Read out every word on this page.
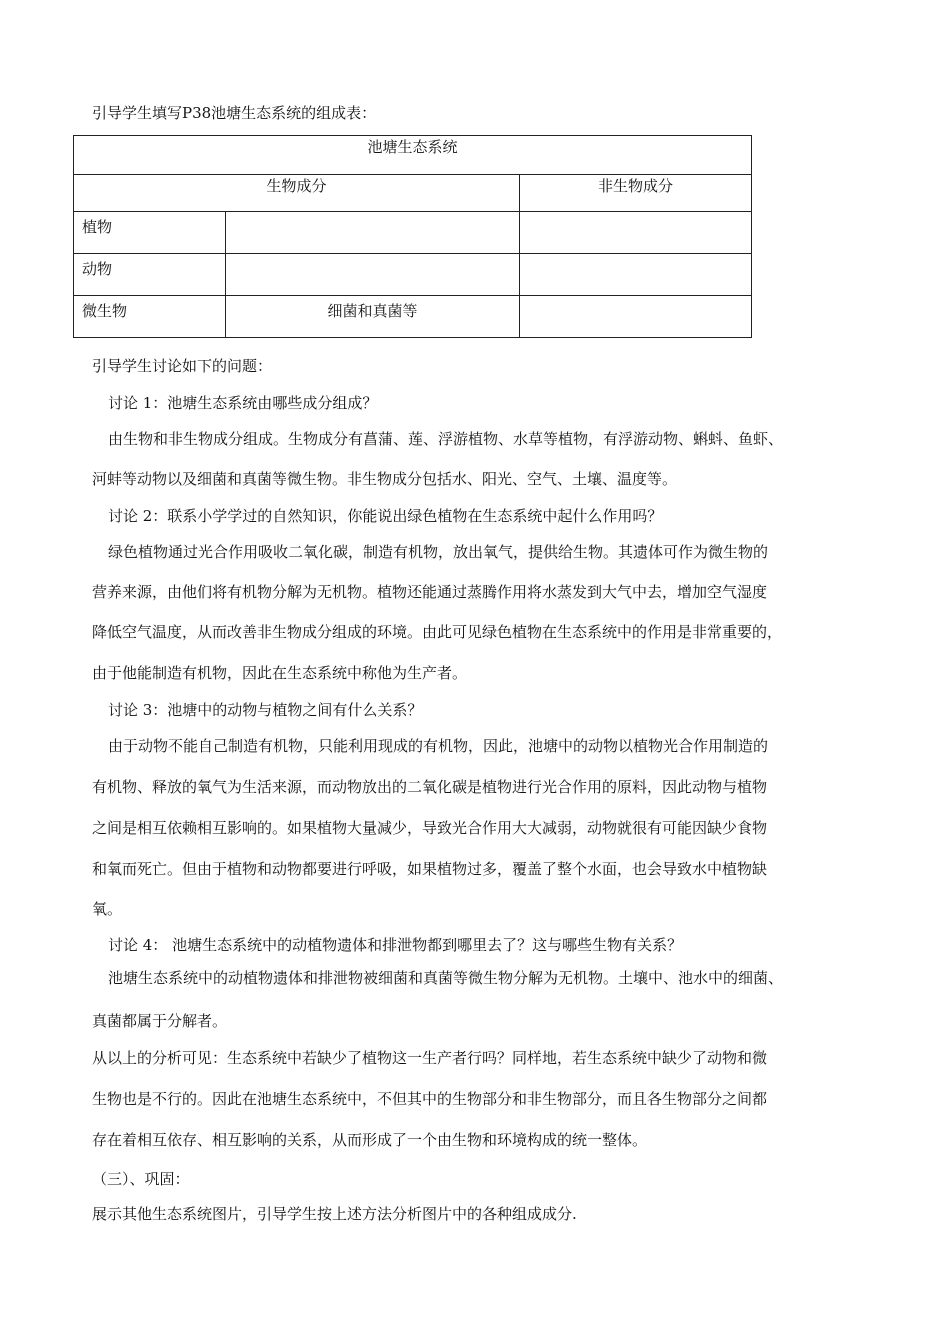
引导学生填写P38池塘生态系统的组成表：
池塘生态系统		
生物成分		非生物成分
植物		
动物		
微生物	细菌和真菌等	
引导学生讨论如下的问题：
讨论 1：池塘生态系统由哪些成分组成？
由生物和非生物成分组成。生物成分有菖蒲、莲、浮游植物、水草等植物，有浮游动物、蝌蚪、鱼虾、
河蚌等动物以及细菌和真菌等微生物。非生物成分包括水、阳光、空气、土壤、温度等。
讨论 2：联系小学学过的自然知识，你能说出绿色植物在生态系统中起什么作用吗？
绿色植物通过光合作用吸收二氧化碳，制造有机物，放出氧气，提供给生物。其遗体可作为微生物的
营养来源，由他们将有机物分解为无机物。植物还能通过蒸腾作用将水蒸发到大气中去，增加空气湿度
降低空气温度，从而改善非生物成分组成的环境。由此可见绿色植物在生态系统中的作用是非常重要的，
由于他能制造有机物，因此在生态系统中称他为生产者。
讨论 3：池塘中的动物与植物之间有什么关系？
由于动物不能自己制造有机物，只能利用现成的有机物，因此，池塘中的动物以植物光合作用制造的
有机物、释放的氧气为生活来源，而动物放出的二氧化碳是植物进行光合作用的原料，因此动物与植物
之间是相互依赖相互影响的。如果植物大量减少，导致光合作用大大减弱，动物就很有可能因缺少食物
和氧而死亡。但由于植物和动物都要进行呼吸，如果植物过多，覆盖了整个水面，也会导致水中植物缺
氧。
讨论 4： 池塘生态系统中的动植物遗体和排泄物都到哪里去了？这与哪些生物有关系？
池塘生态系统中的动植物遗体和排泄物被细菌和真菌等微生物分解为无机物。土壤中、池水中的细菌、
真菌都属于分解者。
从以上的分析可见：生态系统中若缺少了植物这一生产者行吗？同样地，若生态系统中缺少了动物和微
生物也是不行的。因此在池塘生态系统中，不但其中的生物部分和非生物部分，而且各生物部分之间都
存在着相互依存、相互影响的关系，从而形成了一个由生物和环境构成的统一整体。
（三）、巩固：
展示其他生态系统图片，引导学生按上述方法分析图片中的各种组成成分.
